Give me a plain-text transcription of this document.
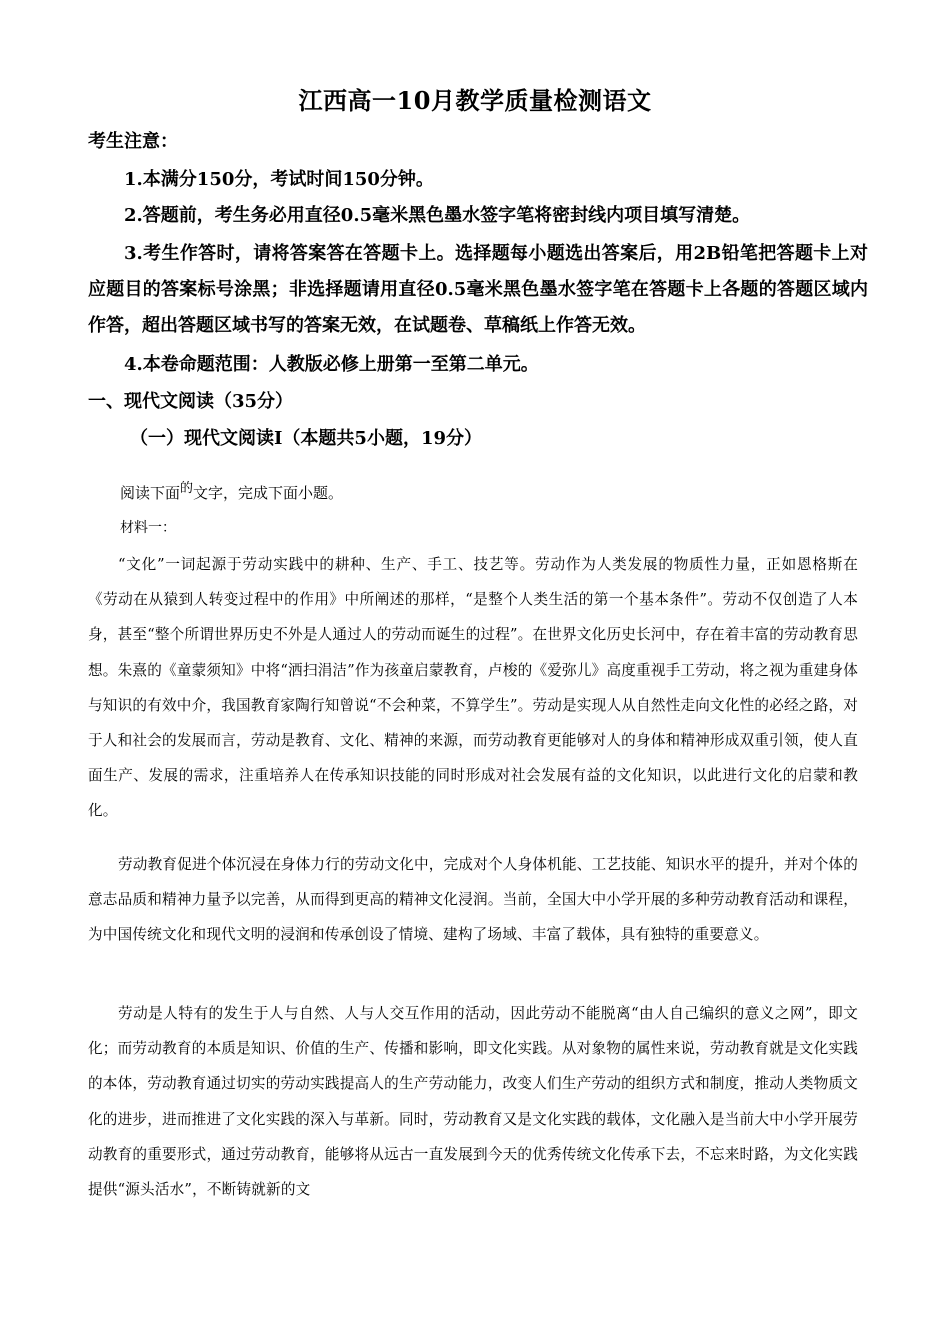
江西高一10月教学质量检测语文
考生注意：
1.本满分150分，考试时间150分钟。
2.答题前，考生务必用直径0.5毫米黑色墨水签字笔将密封线内项目填写清楚。
3.考生作答时，请将答案答在答题卡上。选择题每小题选出答案后，用2B铅笔把答题卡上对应题目的答案标号涂黑；非选择题请用直径0.5毫米黑色墨水签字笔在答题卡上各题的答题区域内作答，超出答题区域书写的答案无效，在试题卷、草稿纸上作答无效。
4.本卷命题范围：人教版必修上册第一至第二单元。
一、现代文阅读（35分）
（一）现代文阅读Ⅰ（本题共5小题，19分）
阅读下面$^的$文字，完成下面小题。
材料一：
“文化”一词起源于劳动实践中的耕种、生产、手工、技艺等。劳动作为人类发展的物质性力量，正如恩格斯在《劳动在从猿到人转变过程中的作用》中所阐述的那样，“是整个人类生活的第一个基本条件”。劳动不仅创造了人本身，甚至“整个所谓世界历史不外是人通过人的劳动而诞生的过程”。在世界文化历史长河中，存在着丰富的劳动教育思想。朱熹的《童蒙须知》中将“洒扫涓洁”作为孩童启蒙教育，卢梭的《爱弥儿》高度重视手工劳动，将之视为重建身体与知识的有效中介，我国教育家陶行知曾说“不会种菜，不算学生”。劳动是实现人从自然性走向文化性的必经之路，对于人和社会的发展而言，劳动是教育、文化、精神的来源，而劳动教育更能够对人的身体和精神形成双重引领，使人直面生产、发展的需求，注重培养人在传承知识技能的同时形成对社会发展有益的文化知识，以此进行文化的启蒙和教化。
劳动教育促进个体沉浸在身体力行的劳动文化中，完成对个人身体机能、工艺技能、知识水平的提升，并对个体的意志品质和精神力量予以完善，从而得到更高的精神文化浸润。当前，全国大中小学开展的多种劳动教育活动和课程，为中国传统文化和现代文明的浸润和传承创设了情境、建构了场域、丰富了载体，具有独特的重要意义。
劳动是人特有的发生于人与自然、人与人交互作用的活动，因此劳动不能脱离“由人自己编织的意义之网”，即文化；而劳动教育的本质是知识、价值的生产、传播和影响，即文化实践。从对象物的属性来说，劳动教育就是文化实践的本体，劳动教育通过切实的劳动实践提高人的生产劳动能力，改变人们生产劳动的组织方式和制度，推动人类物质文化的进步，进而推进了文化实践的深入与革新。同时，劳动教育又是文化实践的载体，文化融入是当前大中小学开展劳动教育的重要形式，通过劳动教育，能够将从远古一直发展到今天的优秀传统文化传承下去，不忘来时路，为文化实践提供“源头活水”，不断铸就新的文
